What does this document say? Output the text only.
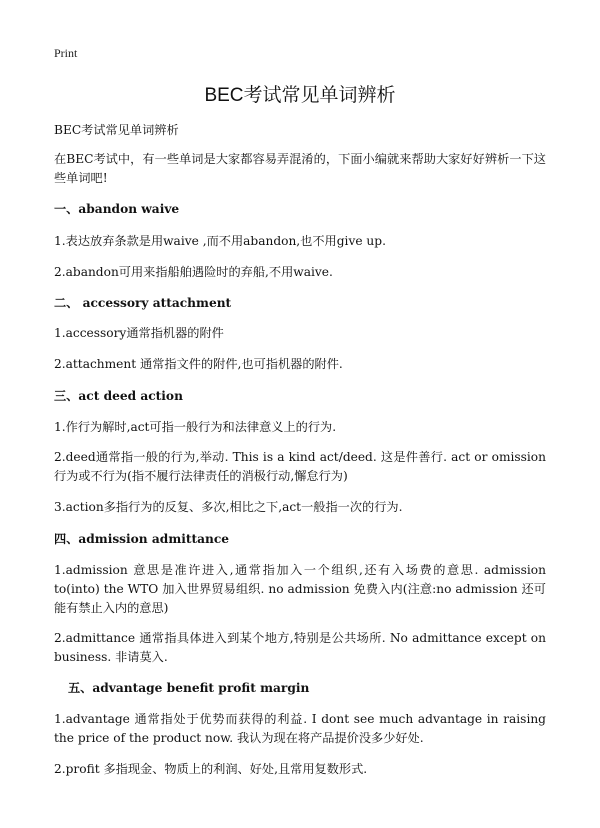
Print
BEC考试常见单词辨析

BEC考试常见单词辨析

在BEC考试中，有一些单词是大家都容易弄混淆的，下面小编就来帮助大家好好辨析一下这些单词吧!

一、abandon waive

1.表达放弃条款是用waive ,而不用abandon,也不用give up.

2.abandon可用来指船舶遇险时的弃船,不用waive.

二、 accessory attachment

1.accessory通常指机器的附件

2.attachment 通常指文件的附件,也可指机器的附件.

三、act deed action

1.作行为解时,act可指一般行为和法律意义上的行为.

2.deed通常指一般的行为,举动. This is a kind act/deed. 这是件善行. act or omission 行为或不行为(指不履行法律责任的消极行动,懈怠行为)

3.action多指行为的反复、多次,相比之下,act一般指一次的行为.

四、admission admittance

1.admission 意思是准许进入,通常指加入一个组织,还有入场费的意思. admission to(into) the WTO 加入世界贸易组织. no admission 免费入内(注意:no admission 还可能有禁止入内的意思)

2.admittance 通常指具体进入到某个地方,特别是公共场所. No admittance except on business. 非请莫入.

五、advantage benefit profit margin

1.advantage 通常指处于优势而获得的利益. I dont see much advantage in raising the price of the product now. 我认为现在将产品提价没多少好处.

2.profit 多指现金、物质上的利润、好处,且常用复数形式.
